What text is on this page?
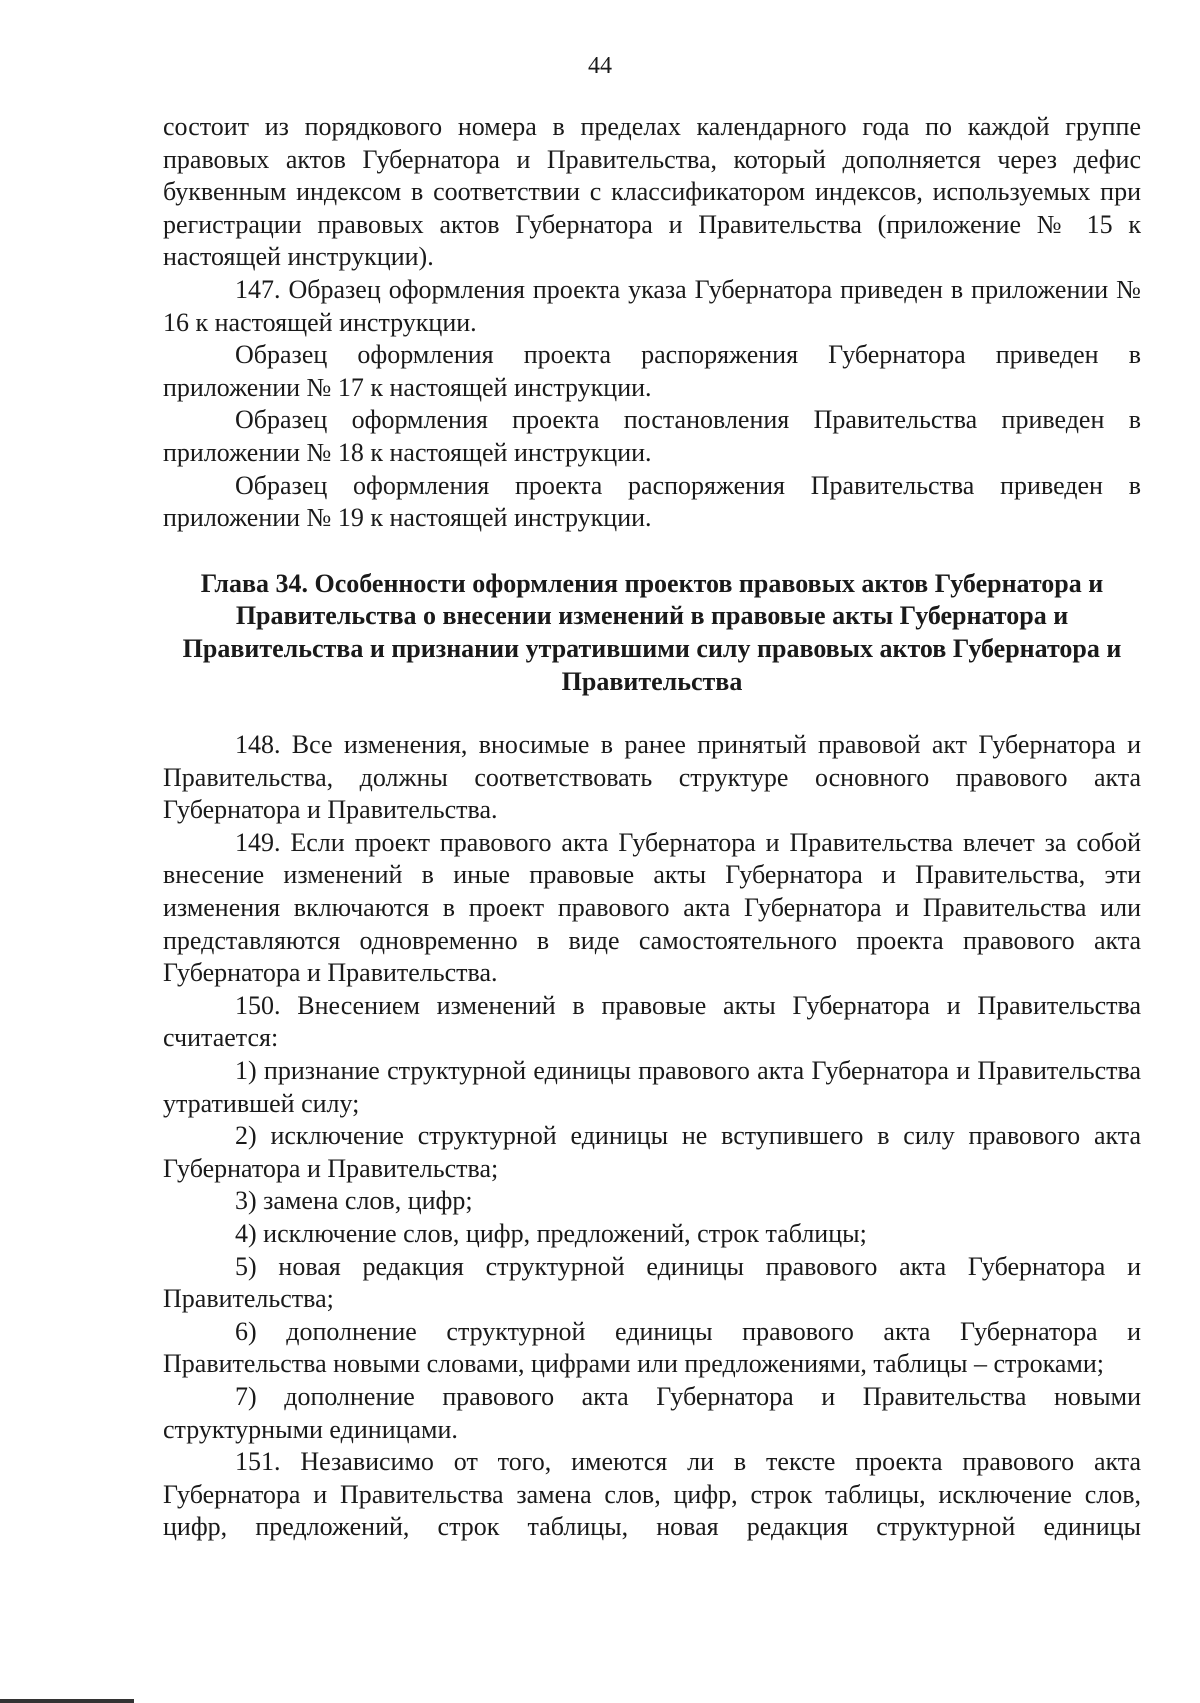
44

состоит из порядкового номера в пределах календарного года по каждой группе правовых актов Губернатора и Правительства, который дополняется через дефис буквенным индексом в соответствии с классификатором индексов, используемых при регистрации правовых актов Губернатора и Правительства (приложение № 15 к настоящей инструкции).

147. Образец оформления проекта указа Губернатора приведен в приложении № 16 к настоящей инструкции.

Образец оформления проекта распоряжения Губернатора приведен в приложении № 17 к настоящей инструкции.

Образец оформления проекта постановления Правительства приведен в приложении № 18 к настоящей инструкции.

Образец оформления проекта распоряжения Правительства приведен в приложении № 19 к настоящей инструкции.

Глава 34. Особенности оформления проектов правовых актов Губернатора и Правительства о внесении изменений в правовые акты Губернатора и Правительства и признании утратившими силу правовых актов Губернатора и Правительства

148. Все изменения, вносимые в ранее принятый правовой акт Губернатора и Правительства, должны соответствовать структуре основного правового акта Губернатора и Правительства.

149. Если проект правового акта Губернатора и Правительства влечет за собой внесение изменений в иные правовые акты Губернатора и Правительства, эти изменения включаются в проект правового акта Губернатора и Правительства или представляются одновременно в виде самостоятельного проекта правового акта Губернатора и Правительства.

150. Внесением изменений в правовые акты Губернатора и Правительства считается:

1) признание структурной единицы правового акта Губернатора и Правительства утратившей силу;

2) исключение структурной единицы не вступившего в силу правового акта Губернатора и Правительства;

3) замена слов, цифр;

4) исключение слов, цифр, предложений, строк таблицы;

5) новая редакция структурной единицы правового акта Губернатора и Правительства;

6) дополнение структурной единицы правового акта Губернатора и Правительства новыми словами, цифрами или предложениями, таблицы – строками;

7) дополнение правового акта Губернатора и Правительства новыми структурными единицами.

151. Независимо от того, имеются ли в тексте проекта правового акта Губернатора и Правительства замена слов, цифр, строк таблицы, исключение слов, цифр, предложений, строк таблицы, новая редакция структурной единицы
